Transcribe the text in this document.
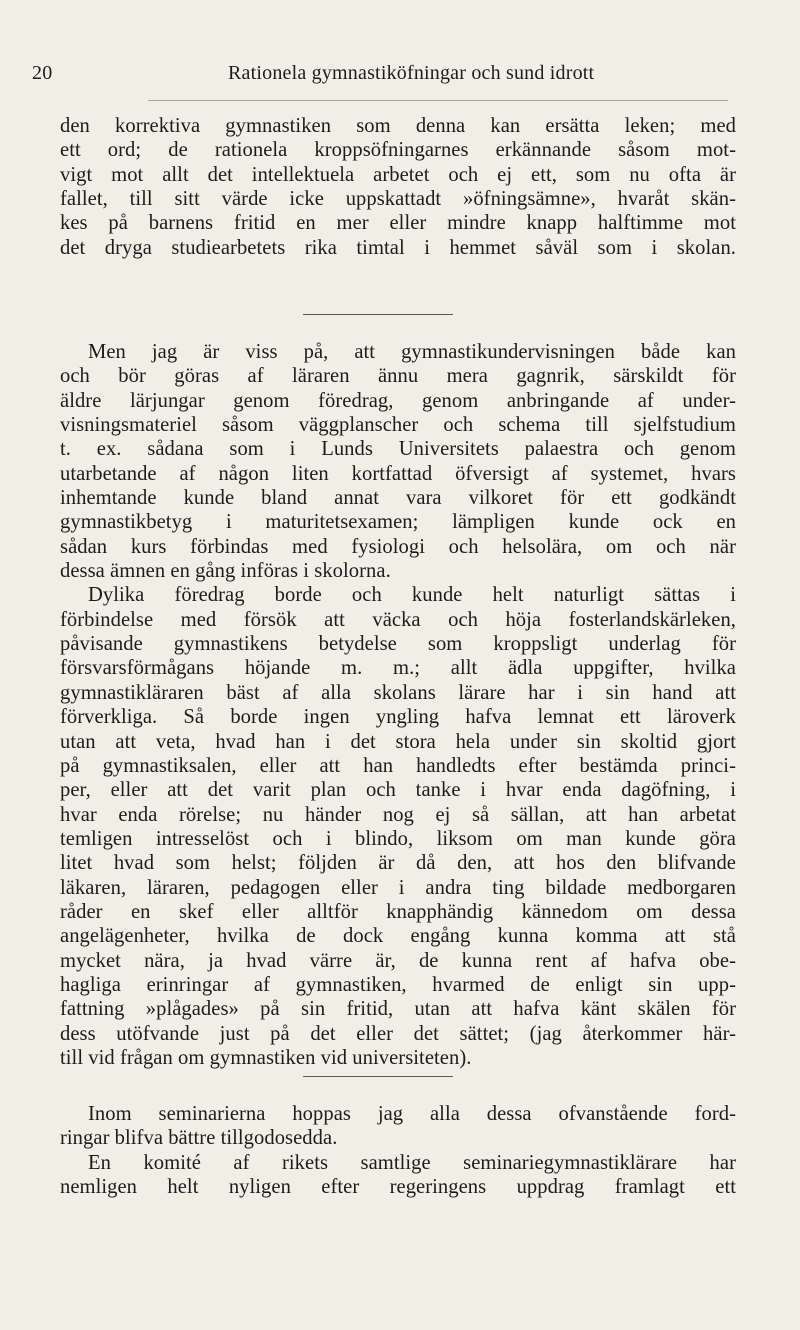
20	Rationela gymnastiköfningar och sund idrott
den korrektiva gymnastiken som denna kan ersätta leken; med
ett ord; de rationela kroppsöfningarnes erkännande såsom mot-
vigt mot allt det intellektuela arbetet och ej ett, som nu ofta är
fallet, till sitt värde icke uppskattadt »öfningsämne», hvaråt skän-
kes på barnens fritid en mer eller mindre knapp halftimme mot
det dryga studiearbetets rika timtal i hemmet såväl som i skolan.
Men jag är viss på, att gymnastikundervisningen både kan
och bör göras af läraren ännu mera gagnrik, särskildt för
äldre lärjungar genom föredrag, genom anbringande af under-
visningsmateriel såsom väggplanscher och schema till sjelfstudium
t. ex. sådana som i Lunds Universitets palaestra och genom
utarbetande af någon liten kortfattad öfversigt af systemet, hvars
inhemtande kunde bland annat vara vilkoret för ett godkändt
gymnastikbetyg i maturitetsexamen; lämpligen kunde ock en
sådan kurs förbindas med fysiologi och helsolära, om och när
dessa ämnen en gång införas i skolorna.
Dylika föredrag borde och kunde helt naturligt sättas i
förbindelse med försök att väcka och höja fosterlandskärleken,
påvisande gymnastikens betydelse som kroppsligt underlag för
försvarsförmågans höjande m. m.; allt ädla uppgifter, hvilka
gymnastikläraren bäst af alla skolans lärare har i sin hand att
förverkliga. Så borde ingen yngling hafva lemnat ett läroverk
utan att veta, hvad han i det stora hela under sin skoltid gjort
på gymnastiksalen, eller att han handledts efter bestämda princi-
per, eller att det varit plan och tanke i hvar enda dagöfning, i
hvar enda rörelse; nu händer nog ej så sällan, att han arbetat
temligen intresselöst och i blindo, liksom om man kunde göra
litet hvad som helst; följden är då den, att hos den blifvande
läkaren, läraren, pedagogen eller i andra ting bildade medborgaren
råder en skef eller alltför knapphändig kännedom om dessa
angelägenheter, hvilka de dock engång kunna komma att stå
mycket nära, ja hvad värre är, de kunna rent af hafva obe-
hagliga erinringar af gymnastiken, hvarmed de enligt sin upp-
fattning »plågades» på sin fritid, utan att hafva känt skälen för
dess utöfvande just på det eller det sättet; (jag återkommer här-
till vid frågan om gymnastiken vid universiteten).
Inom seminarierna hoppas jag alla dessa ofvanstående ford-
ringar blifva bättre tillgodosedda.
En komité af rikets samtlige seminariegymnastiklärare har
nemligen helt nyligen efter regeringens uppdrag framlagt ett
